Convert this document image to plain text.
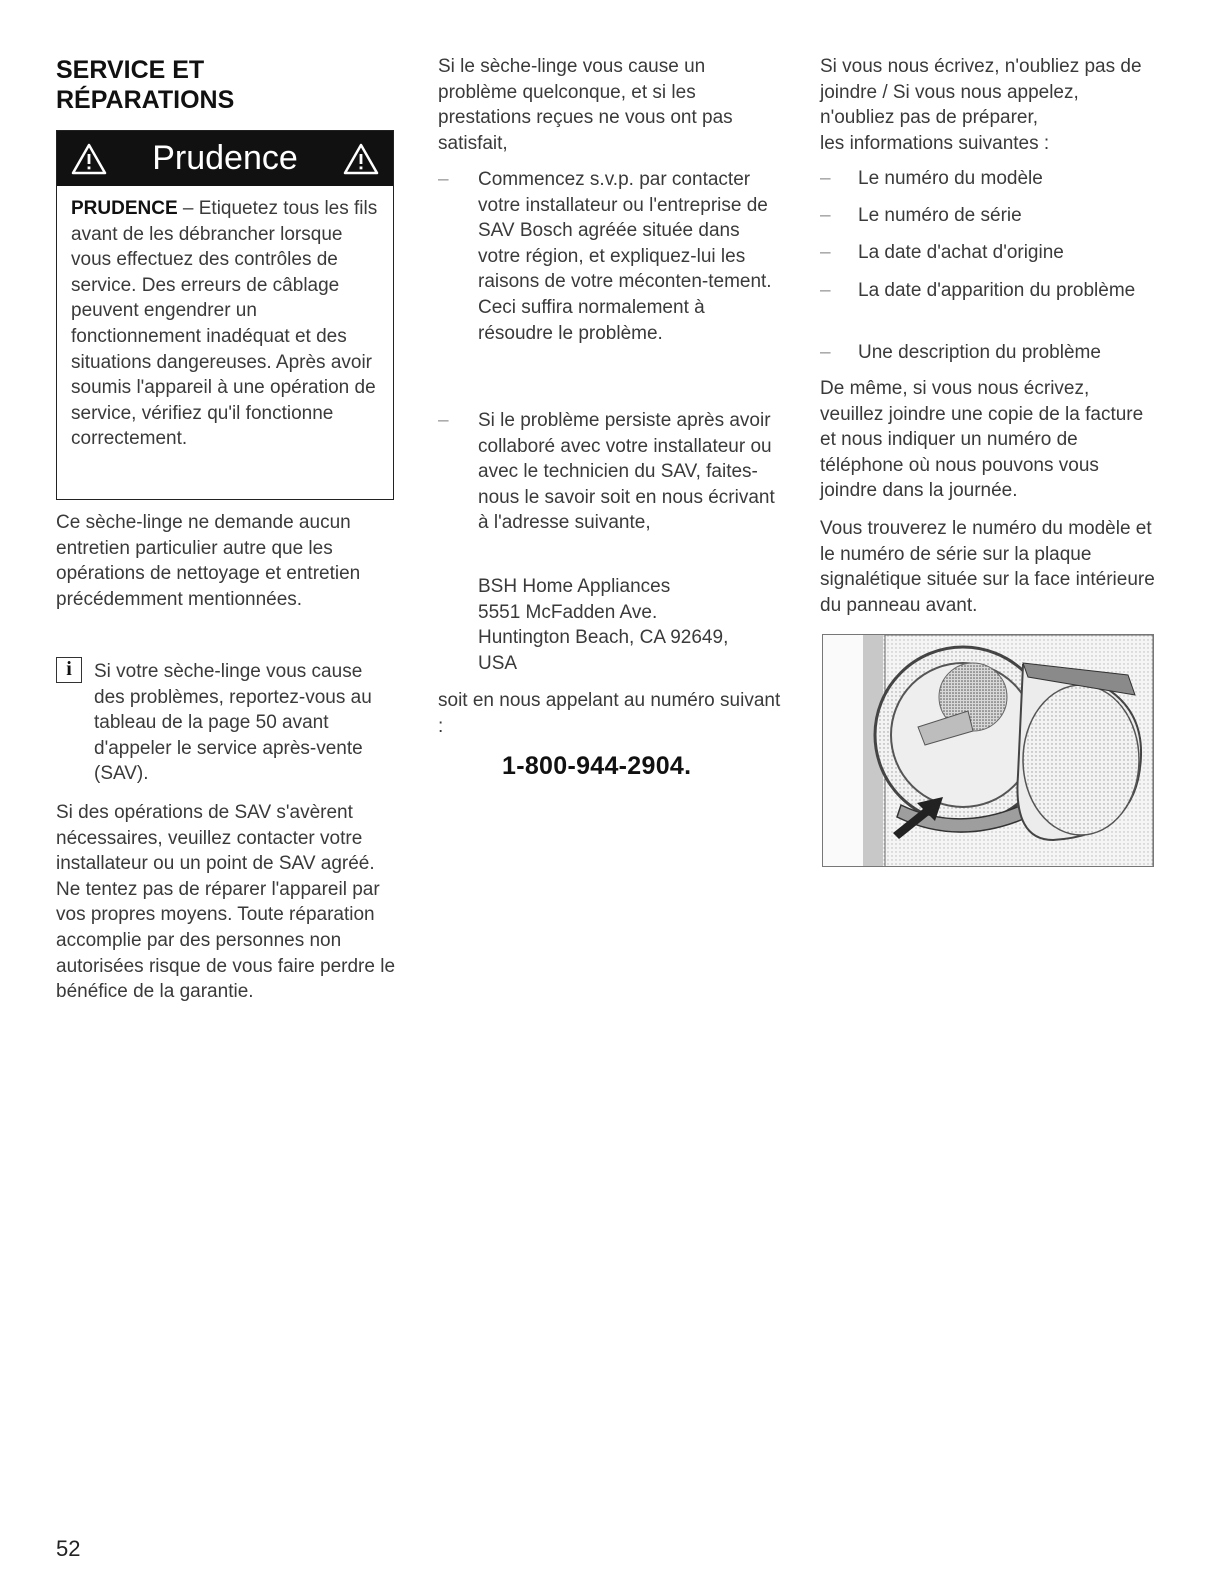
SERVICE ET
RÉPARATIONS
Prudence

PRUDENCE – Etiquetez tous les fils avant de les débrancher lorsque vous effectuez des contrôles de service. Des erreurs de câblage peuvent engendrer un fonctionnement inadéquat et des situations dangereuses. Après avoir soumis l'appareil à une opération de service, vérifiez qu'il fonctionne correctement.

Ce sèche-linge ne demande aucun entretien particulier autre que les opérations de nettoyage et entretien précédemment mentionnées.

i	Si votre sèche-linge vous cause des problèmes, reportez-vous au tableau de la page 50 avant d'appeler le service après-vente (SAV).

Si des opérations de SAV s'avèrent nécessaires, veuillez contacter votre installateur ou un point de SAV agréé. Ne tentez pas de réparer l'appareil par vos propres moyens. Toute réparation accomplie par des personnes non autorisées risque de vous faire perdre le bénéfice de la garantie.

Si le sèche-linge vous cause un problème quelconque, et si les prestations reçues ne vous ont pas satisfait,

–	Commencez s.v.p. par contacter votre installateur ou l'entreprise de SAV Bosch agréée située dans votre région, et expliquez-lui les raisons de votre méconten-tement. Ceci suffira normalement à résoudre le problème.

–	Si le problème persiste après avoir collaboré avec votre installateur ou avec le technicien du SAV, faites-nous le savoir soit en nous écrivant à l'adresse suivante,

BSH Home Appliances
5551 McFadden Ave.
Huntington Beach, CA 92649,
USA

soit en nous appelant au numéro suivant :

1-800-944-2904.

Si vous nous écrivez, n'oubliez pas de joindre / Si vous nous appelez, n'oubliez pas de préparer,
les informations suivantes :

– Le numéro du modèle
– Le numéro de série
– La date d'achat d'origine
– La date d'apparition du problème
– Une description du problème

De même, si vous nous écrivez, veuillez joindre une copie de la facture et nous indiquer un numéro de téléphone où nous pouvons vous joindre dans la journée.

Vous trouverez le numéro du modèle et le numéro de série sur la plaque signalétique située sur la face intérieure du panneau avant.

52
